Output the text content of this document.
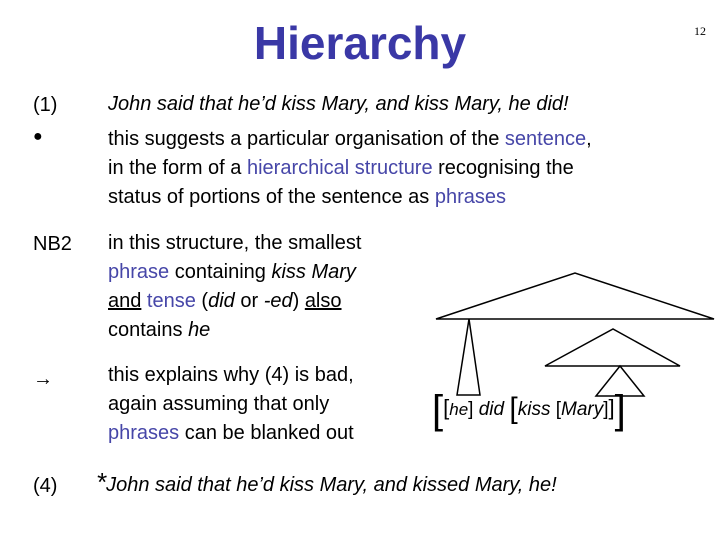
Hierarchy	12
(1)	John said that he’d kiss Mary, and kiss Mary, he did!
●	this suggests a particular organisation of the sentence,
in the form of a hierarchical structure recognising the
status of portions of the sentence as phrases
NB2 in this structure, the smallest
phrase containing kiss Mary
and tense (did or -ed) also
contains he
→	this explains why (4) is bad,
again assuming that only
phrases can be blanked out
(4) *John said that he’d kiss Mary, and kissed Mary, he!
[[he] did [kiss [Mary]]]
